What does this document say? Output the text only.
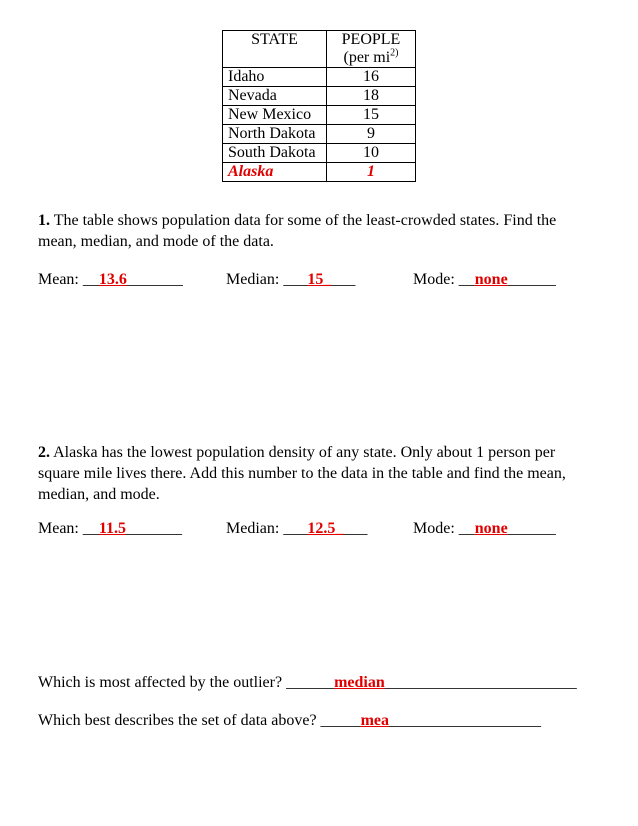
STATE	PEOPLE
(per $mi^{2)}$
Idaho	16
Nevada	18
New Mexico	15
North Dakota	9
South Dakota	10
Alaska	1
1. The table shows population data for some of the least-crowded states. Find the mean, median, and mode of the data.
Mean: __13.6_______	Median: ___15____	Mode: __none______
2. Alaska has the lowest population density of any state. Only about 1 person per square mile lives there. Add this number to the data in the table and find the mean, median, and mode.
Mean: __11.5_______	Median: ___12.5____	Mode: __none______
Which is most affected by the outlier? ______median________________________
Which best describes the set of data above? _____mea___________________
